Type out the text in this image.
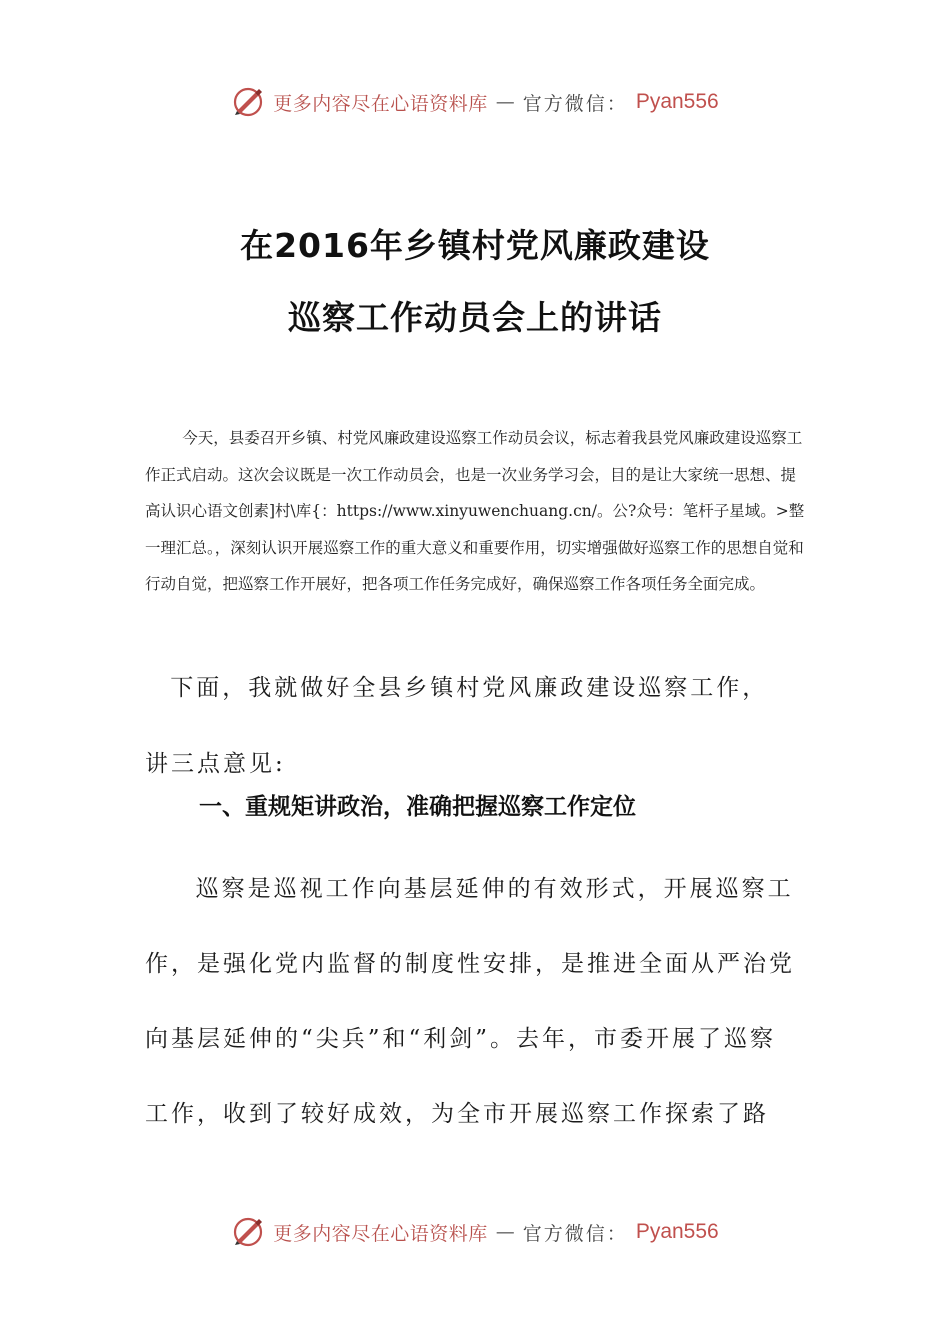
更多内容尽在心语资料库 — 官方微信： Pyan556
在2016年乡镇村党风廉政建设
巡察工作动员会上的讲话

今天，县委召开乡镇、村党风廉政建设巡察工作动员会议，标志着我县党风廉政建设巡察工作正式启动。这次会议既是一次工作动员会，也是一次业务学习会，目的是让大家统一思想、提高认识心语文创素]村\库{：https://www.xinyuwenchuang.cn/。公?众号：笔杆子星域。>整一理汇总。，深刻认识开展巡察工作的重大意义和重要作用，切实增强做好巡察工作的思想自觉和行动自觉，把巡察工作开展好，把各项工作任务完成好，确保巡察工作各项任务全面完成。

下面，我就做好全县乡镇村党风廉政建设巡察工作，讲三点意见:

一、重规矩讲政治，准确把握巡察工作定位

巡察是巡视工作向基层延伸的有效形式，开展巡察工作，是强化党内监督的制度性安排，是推进全面从严治党向基层延伸的“尖兵”和“利剑”。去年，市委开展了巡察工作，收到了较好成效，为全市开展巡察工作探索了路

更多内容尽在心语资料库 — 官方微信： Pyan556
